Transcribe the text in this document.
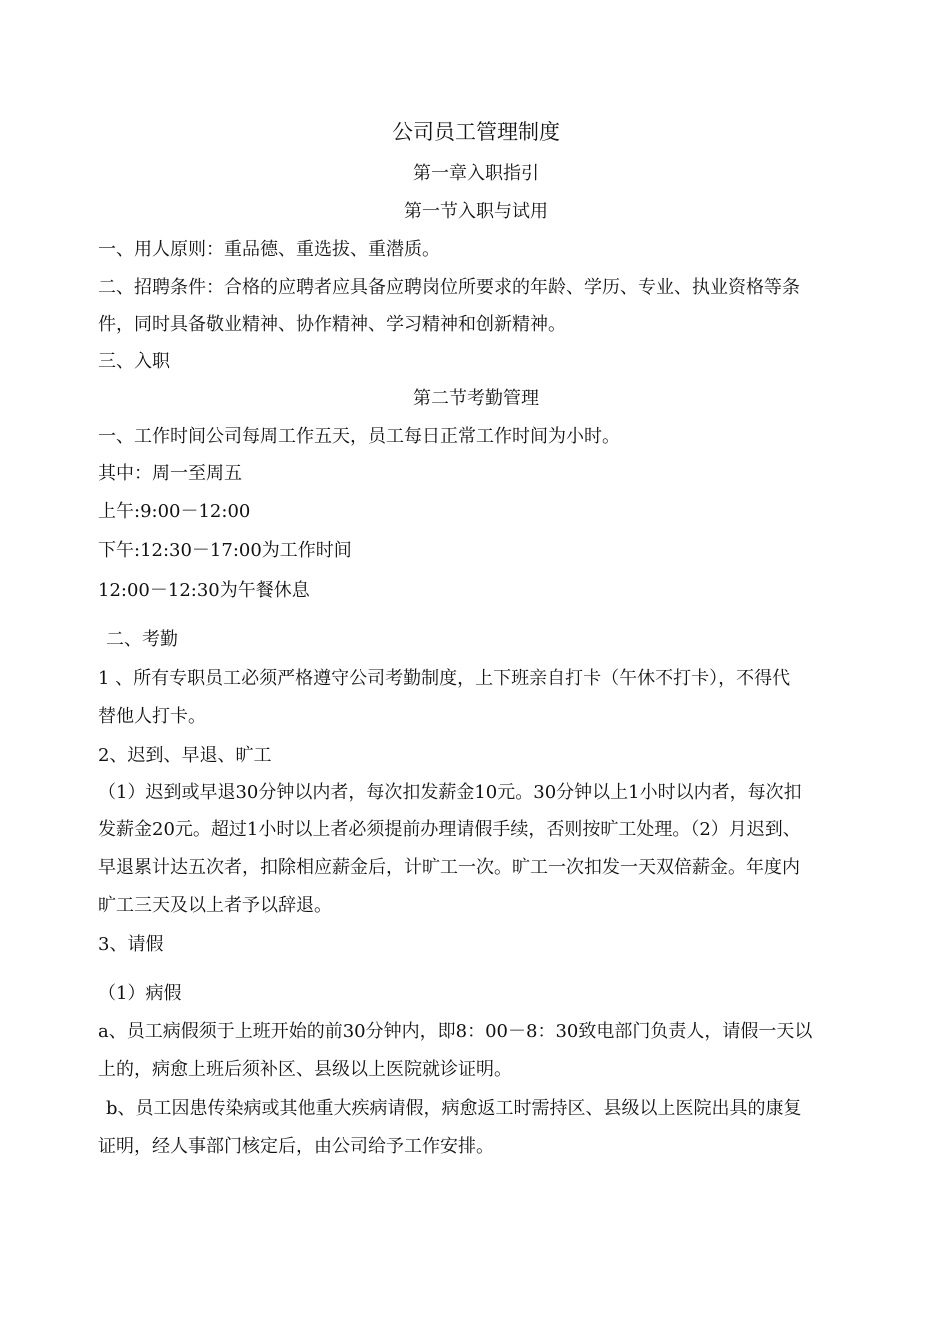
公司员工管理制度
第一章入职指引
第一节入职与试用
一、用人原则：重品德、重选拔、重潜质。
二、招聘条件：合格的应聘者应具备应聘岗位所要求的年龄、学历、专业、执业资格等条
件，同时具备敬业精神、协作精神、学习精神和创新精神。
三、入职
第二节考勤管理
一、工作时间公司每周工作五天，员工每日正常工作时间为小时。
其中：周一至周五
上午:9:00－12:00
下午:12:30－17:00为工作时间
12:00－12:30为午餐休息
二、考勤
1 、所有专职员工必须严格遵守公司考勤制度，上下班亲自打卡（午休不打卡），不得代
替他人打卡。
2、迟到、早退、旷工
（1）迟到或早退30分钟以内者，每次扣发薪金10元。30分钟以上1小时以内者，每次扣
发薪金20元。超过1小时以上者必须提前办理请假手续，否则按旷工处理。（2）月迟到、
早退累计达五次者，扣除相应薪金后，计旷工一次。旷工一次扣发一天双倍薪金。年度内
旷工三天及以上者予以辞退。
3、请假
（1）病假
a、员工病假须于上班开始的前30分钟内，即8：00－8：30致电部门负责人，请假一天以
上的，病愈上班后须补区、县级以上医院就诊证明。
b、员工因患传染病或其他重大疾病请假，病愈返工时需持区、县级以上医院出具的康复
证明，经人事部门核定后，由公司给予工作安排。
